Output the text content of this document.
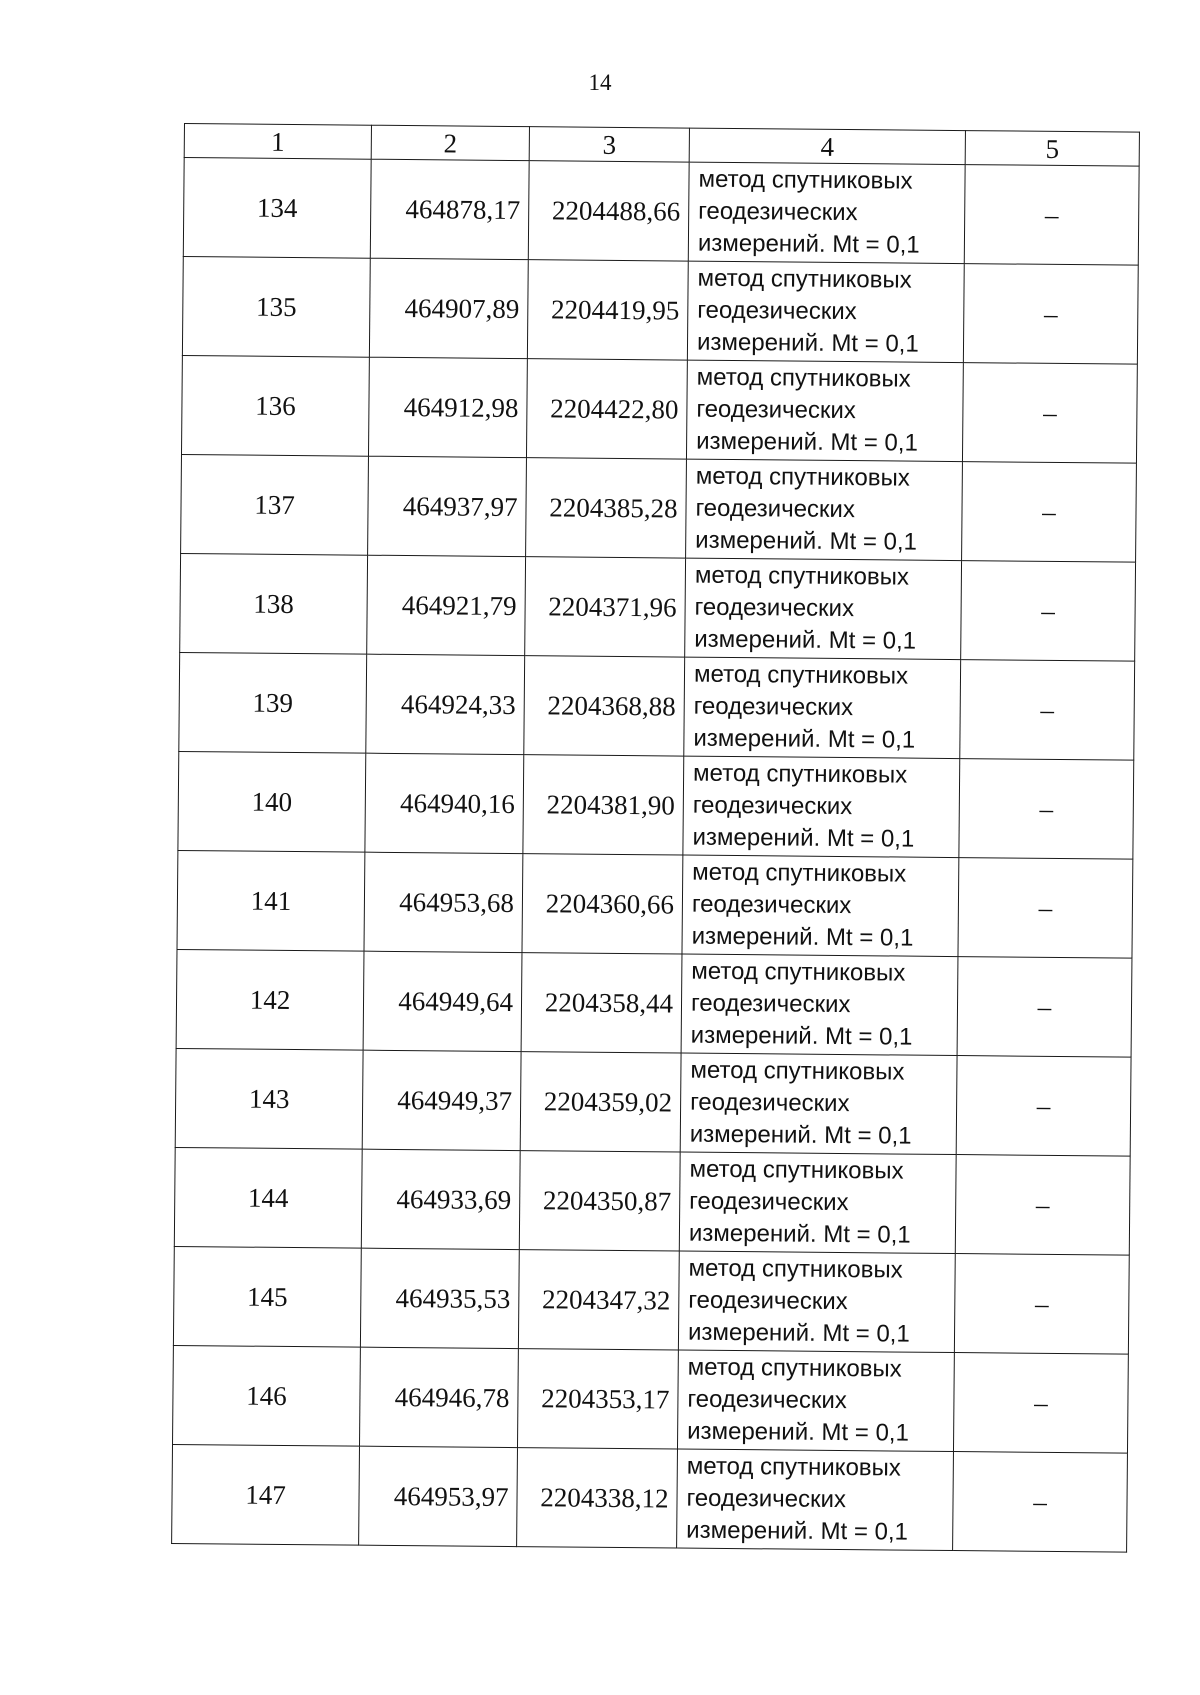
14
1	2	3	4	5
134	464878,17	2204488,66	метод спутниковых
геодезических
измерений. Mt = 0,1	–
135	464907,89	2204419,95	метод спутниковых
геодезических
измерений. Mt = 0,1	–
136	464912,98	2204422,80	метод спутниковых
геодезических
измерений. Mt = 0,1	–
137	464937,97	2204385,28	метод спутниковых
геодезических
измерений. Mt = 0,1	–
138	464921,79	2204371,96	метод спутниковых
геодезических
измерений. Mt = 0,1	–
139	464924,33	2204368,88	метод спутниковых
геодезических
измерений. Mt = 0,1	–
140	464940,16	2204381,90	метод спутниковых
геодезических
измерений. Mt = 0,1	–
141	464953,68	2204360,66	метод спутниковых
геодезических
измерений. Mt = 0,1	–
142	464949,64	2204358,44	метод спутниковых
геодезических
измерений. Mt = 0,1	–
143	464949,37	2204359,02	метод спутниковых
геодезических
измерений. Mt = 0,1	–
144	464933,69	2204350,87	метод спутниковых
геодезических
измерений. Mt = 0,1	–
145	464935,53	2204347,32	метод спутниковых
геодезических
измерений. Mt = 0,1	–
146	464946,78	2204353,17	метод спутниковых
геодезических
измерений. Mt = 0,1	–
147	464953,97	2204338,12	метод спутниковых
геодезических
измерений. Mt = 0,1	–
